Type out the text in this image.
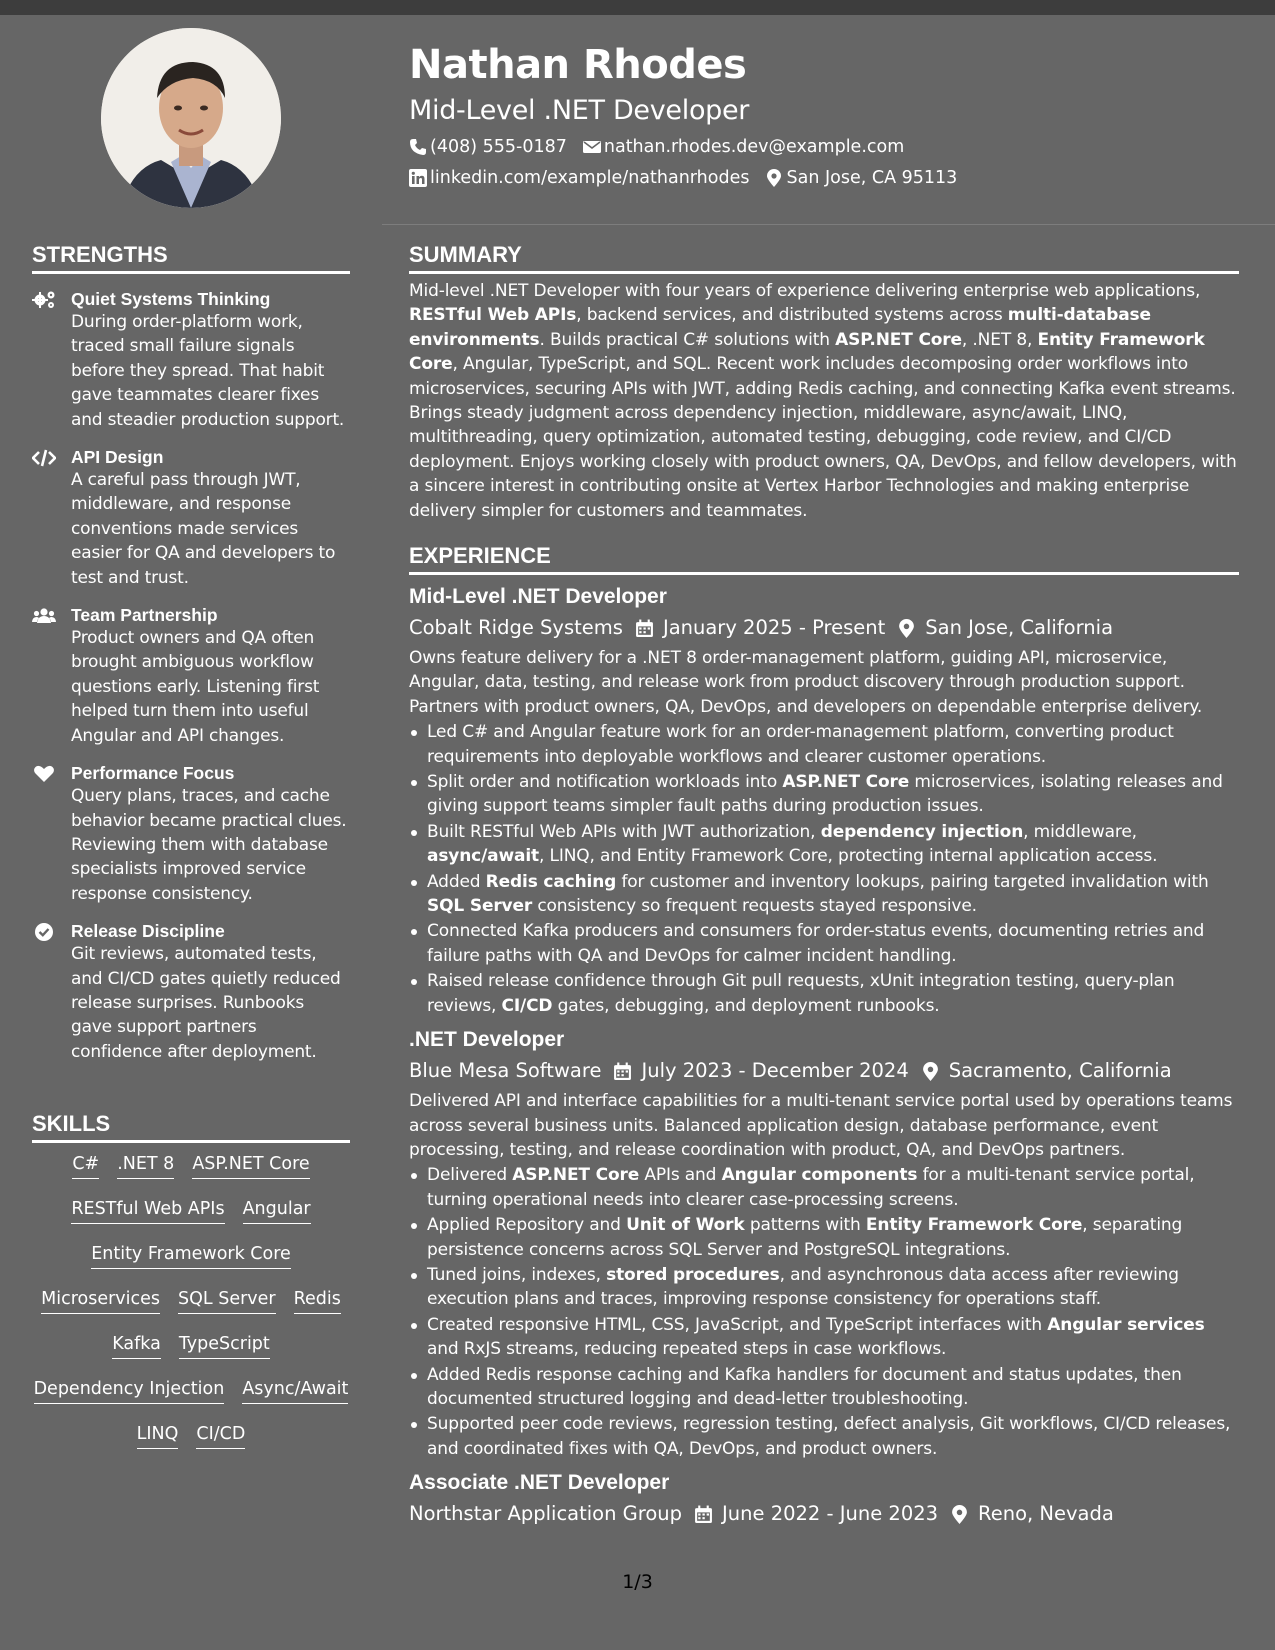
STRENGTHS
Quiet Systems Thinking
During order-platform work, traced small failure signals before they spread. That habit gave teammates clearer fixes and steadier production support.
API Design
A careful pass through JWT, middleware, and response conventions made services easier for QA and developers to test and trust.
Team Partnership
Product owners and QA often brought ambiguous workflow questions early. Listening first helped turn them into useful Angular and API changes.
Performance Focus
Query plans, traces, and cache behavior became practical clues. Reviewing them with database specialists improved service response consistency.
Release Discipline
Git reviews, automated tests, and CI/CD gates quietly reduced release surprises. Runbooks gave support partners confidence after deployment.
SKILLS
C# .NET 8 ASP.NET Core
RESTful Web APIs Angular
Entity Framework Core
Microservices SQL Server Redis
Kafka TypeScript
Dependency Injection Async/Await
LINQ CI/CD
Nathan Rhodes
Mid-Level .NET Developer
(408) 555-0187 nathan.rhodes.dev@example.com
linkedin.com/example/nathanrhodes San Jose, CA 95113
SUMMARY

Mid-level .NET Developer with four years of experience delivering enterprise web applications, RESTful Web APIs, backend services, and distributed systems across multi-database environments. Builds practical C# solutions with ASP.NET Core, .NET 8, Entity Framework Core, Angular, TypeScript, and SQL. Recent work includes decomposing order workflows into microservices, securing APIs with JWT, adding Redis caching, and connecting Kafka event streams. Brings steady judgment across dependency injection, middleware, async/await, LINQ, multithreading, query optimization, automated testing, debugging, code review, and CI/CD deployment. Enjoys working closely with product owners, QA, DevOps, and fellow developers, with a sincere interest in contributing onsite at Vertex Harbor Technologies and making enterprise delivery simpler for customers and teammates.

EXPERIENCE
Mid-Level .NET Developer
Cobalt Ridge Systems January 2025 - Present San Jose, California

Owns feature delivery for a .NET 8 order-management platform, guiding API, microservice, Angular, data, testing, and release work from product discovery through production support. Partners with product owners, QA, DevOps, and developers on dependable enterprise delivery.

Led C# and Angular feature work for an order-management platform, converting product requirements into deployable workflows and clearer customer operations.
Split order and notification workloads into ASP.NET Core microservices, isolating releases and giving support teams simpler fault paths during production issues.
Built RESTful Web APIs with JWT authorization, dependency injection, middleware, async/await, LINQ, and Entity Framework Core, protecting internal application access.
Added Redis caching for customer and inventory lookups, pairing targeted invalidation with SQL Server consistency so frequent requests stayed responsive.
Connected Kafka producers and consumers for order-status events, documenting retries and failure paths with QA and DevOps for calmer incident handling.
Raised release confidence through Git pull requests, xUnit integration testing, query-plan reviews, CI/CD gates, debugging, and deployment runbooks.
.NET Developer
Blue Mesa Software July 2023 - December 2024 Sacramento, California

Delivered API and interface capabilities for a multi-tenant service portal used by operations teams across several business units. Balanced application design, database performance, event processing, testing, and release coordination with product, QA, and DevOps partners.

Delivered ASP.NET Core APIs and Angular components for a multi-tenant service portal, turning operational needs into clearer case-processing screens.
Applied Repository and Unit of Work patterns with Entity Framework Core, separating persistence concerns across SQL Server and PostgreSQL integrations.
Tuned joins, indexes, stored procedures, and asynchronous data access after reviewing execution plans and traces, improving response consistency for operations staff.
Created responsive HTML, CSS, JavaScript, and TypeScript interfaces with Angular services and RxJS streams, reducing repeated steps in case workflows.
Added Redis response caching and Kafka handlers for document and status updates, then documented structured logging and dead-letter troubleshooting.
Supported peer code reviews, regression testing, defect analysis, Git workflows, CI/CD releases, and coordinated fixes with QA, DevOps, and product owners.
Associate .NET Developer
Northstar Application Group June 2022 - June 2023 Reno, Nevada
1/3
